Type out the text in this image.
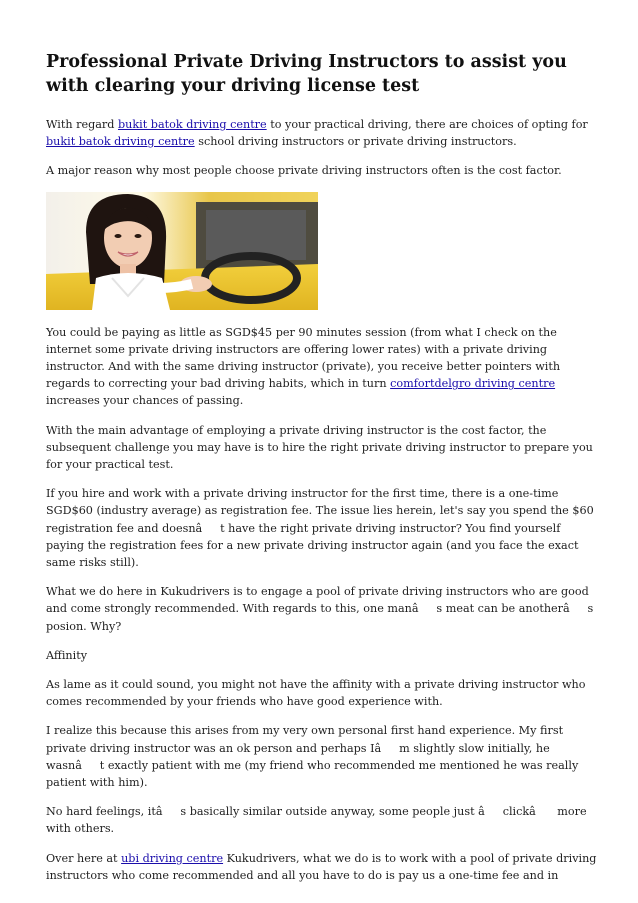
Professional Private Driving Instructors to assist you with clearing your driving license test

With regard bukit batok driving centre to your practical driving, there are choices of opting for bukit batok driving centre school driving instructors or private driving instructors.

A major reason why most people choose private driving instructors often is the cost factor.

You could be paying as little as SGD$45 per 90 minutes session (from what I check on the internet some private driving instructors are offering lower rates) with a private driving instructor. And with the same driving instructor (private), you receive better pointers with regards to correcting your bad driving habits, which in turn comfortdelgro driving centre increases your chances of passing.

With the main advantage of employing a private driving instructor is the cost factor, the subsequent challenge you may have is to hire the right private driving instructor to prepare you for your practical test.

If you hire and work with a private driving instructor for the first time, there is a one-time SGD$60 (industry average) as registration fee. The issue lies herein, let's say you spend the $60 registration fee and doesnât have the right private driving instructor? You find yourself paying the registration fees for a new private driving instructor again (and you face the exact same risks still).

What we do here in Kukudrivers is to engage a pool of private driving instructors who are good and come strongly recommended. With regards to this, one manâs meat can be anotherâs posion. Why?

Affinity

As lame as it could sound, you might not have the affinity with a private driving instructor who comes recommended by your friends who have good experience with.

I realize this because this arises from my very own personal first hand experience. My first private driving instructor was an ok person and perhaps Iâm slightly slow initially, he wasnât exactly patient with me (my friend who recommended me mentioned he was really patient with him).

No hard feelings, itâs basically similar outside anyway, some people just âclickâ more with others.

Over here at ubi driving centre Kukudrivers, what we do is to work with a pool of private driving instructors who come recommended and all you have to do is pay us a one-time fee and in
